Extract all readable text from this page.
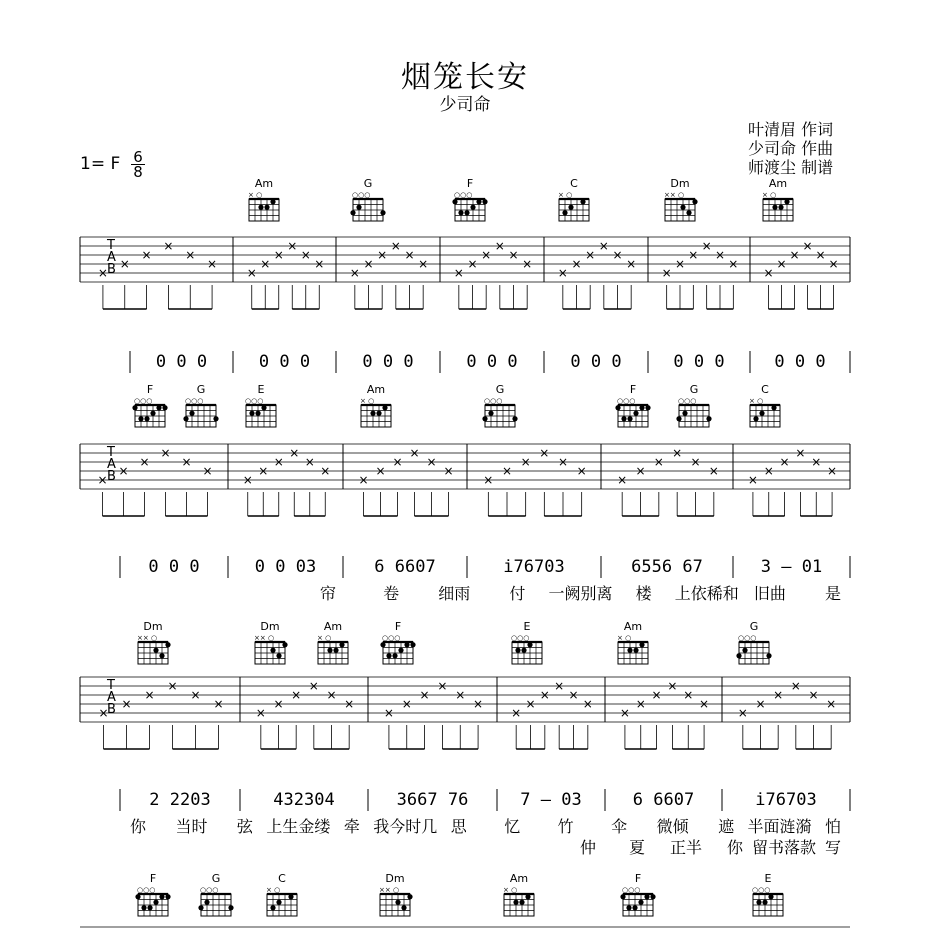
烟笼长安
少司命
叶清眉 作词
少司命 作曲
师渡尘 制谱
1= F 6
8
Am
× ○
G
○○○
F
○○○
C
× ○
Dm
×× ○
Am
× ○
F
○○○
G
○○○
E
○○○
Am
× ○
G
○○○
F
○○○
G
○○○
C
× ○
Dm
×× ○
Dm
×× ○
Am
× ○
F
○○○
E
○○○
Am
× ○
G
○○○
F
○○○
G
○○○
C
× ○
Dm
×× ○
Am
× ○
F
○○○
E
○○○
T
A
B
×
×
×
×
×
×
×
×
×
×
×
×
×
×
×
×
×
×
×
×
×
×
×
×
×
×
×
×
×
×
×
×
×
×
×
×
×
×
×
×
×
×
T
A
B
×
×
×
×
×
×
×
×
×
×
×
×
×
×
×
×
×
×
×
×
×
×
×
×
×
×
×
×
×
×
×
×
×
×
×
×
T
A
B
×
×
×
×
×
×
×
×
×
×
×
×
×
×
×
×
×
×
×
×
×
×
×
×
×
×
×
×
×
×
×
×
×
×
×
×
0 0 0	0 0 0	0 0 0	0 0 0	0 0 0	0 0 0	0 0 0
0 0 0	0 0 03	6 6607	i̇76703	6556 67	3 — 01
2 2203	432304	3667 76	7 — 03	6 6607	i̇76703
帘	卷 细雨 付 一阙别离 楼 上依稀和 旧曲 是
你 当时 弦 上生金缕 牵 我今时几 思 忆 竹 伞 微倾 遮 半面涟漪 怕
仲 夏 正半 你 留书落款 写
